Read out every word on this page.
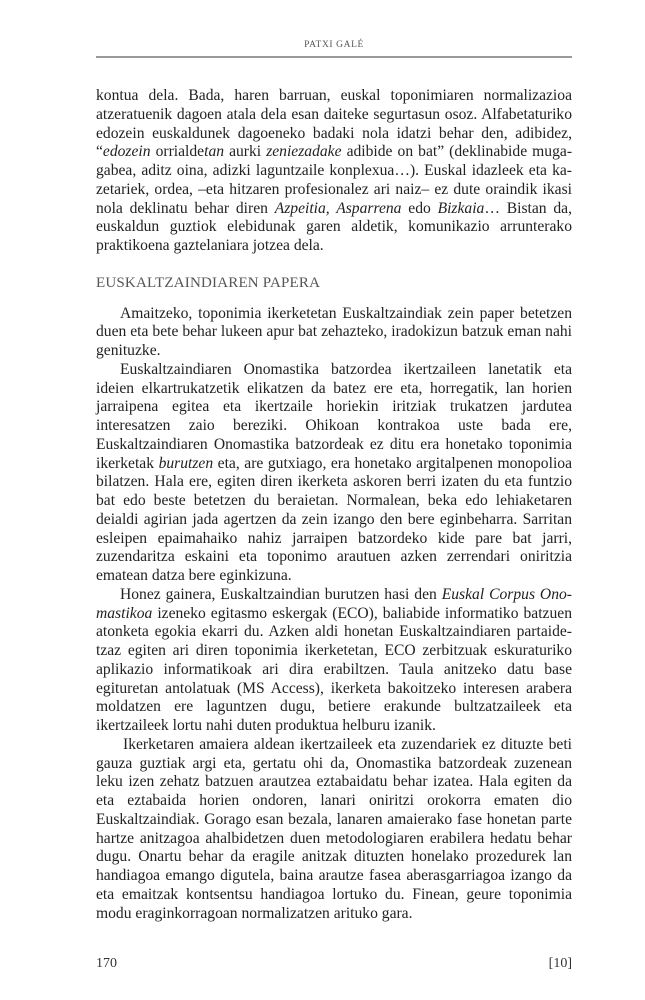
PATXI GALÉ

kontua dela. Bada, haren barruan, euskal toponimiaren normalizazioa atzeratuenik dagoen atala dela esan daiteke segurtasun osoz. Alfabetaturiko edozein euskaldunek dagoeneko badaki nola idatzi behar den, adibidez, “edozein orrialdetan aurki zeniezadake adibide on bat” (deklinabide mugagabea, aditz oina, adizki laguntzaile konplexua…). Euskal idazleek eta kazetariek, ordea, –eta hitzaren profesionalez ari naiz– ez dute oraindik ikasi nola deklinatu behar diren Azpeitia, Asparrena edo Bizkaia… Bistan da, euskaldun guztiok elebidunak garen aldetik, komunikazio arrunterako praktikoena gaztelaniara jotzea dela.

EUSKALTZAINDIAREN PAPERA

Amaitzeko, toponimia ikerketetan Euskaltzaindiak zein paper betetzen duen eta bete behar lukeen apur bat zehazteko, iradokizun batzuk eman nahi genituzke.

Euskaltzaindiaren Onomastika batzordea ikertzaileen lanetatik eta ideien elkartrukatzetik elikatzen da batez ere eta, horregatik, lan horien jarraipena egitea eta ikertzaile horiekin iritziak trukatzen jardutea interesatzen zaio bereziki. Ohikoan kontrakoa uste bada ere, Euskaltzaindiaren Onomastika batzordeak ez ditu era honetako toponimia ikerketak burutzen eta, are gutxiago, era honetako argitalpenen monopolioa bilatzen. Hala ere, egiten diren ikerketa askoren berri izaten du eta funtzio bat edo beste betetzen du beraietan. Normalean, beka edo lehiaketaren deialdi agirian jada agertzen da zein izango den bere eginbeharra. Sarritan esleipen epaimahaiko nahiz jarraipen batzordeko kide pare bat jarri, zuzendaritza eskaini eta toponimo arautuen azken zerrendari oniritzia ematean datza bere eginkizuna.

Honez gainera, Euskaltzaindian burutzen hasi den Euskal Corpus Onomastikoa izeneko egitasmo eskergak (ECO), baliabide informatiko batzuen atonketa egokia ekarri du. Azken aldi honetan Euskaltzaindiaren partaidetzaz egiten ari diren toponimia ikerketetan, ECO zerbitzuak eskuraturiko aplikazio informatikoak ari dira erabiltzen. Taula anitzeko datu base egituretan antolatuak (MS Access), ikerketa bakoitzeko interesen arabera moldatzen ere laguntzen dugu, betiere erakunde bultzatzaileek eta ikertzaileek lortu nahi duten produktua helburu izanik.

Ikerketaren amaiera aldean ikertzaileek eta zuzendariek ez dituzte beti gauza guztiak argi eta, gertatu ohi da, Onomastika batzordeak zuzenean leku izen zehatz batzuen arautzea eztabaidatu behar izatea. Hala egiten da eta eztabaida horien ondoren, lanari oniritzi orokorra ematen dio Euskaltzaindiak. Gorago esan bezala, lanaren amaierako fase honetan parte hartze anitzagoa ahalbidetzen duen metodologiaren erabilera hedatu behar dugu. Onartu behar da eragile anitzak dituzten honelako prozedurek lan handiagoa emango digutela, baina arautze fasea aberasgarriagoa izango da eta emaitzak kontsentsu handiagoa lortuko du. Finean, geure toponimia modu eraginkorragoan normalizatzen arituko gara.

170	[10]
